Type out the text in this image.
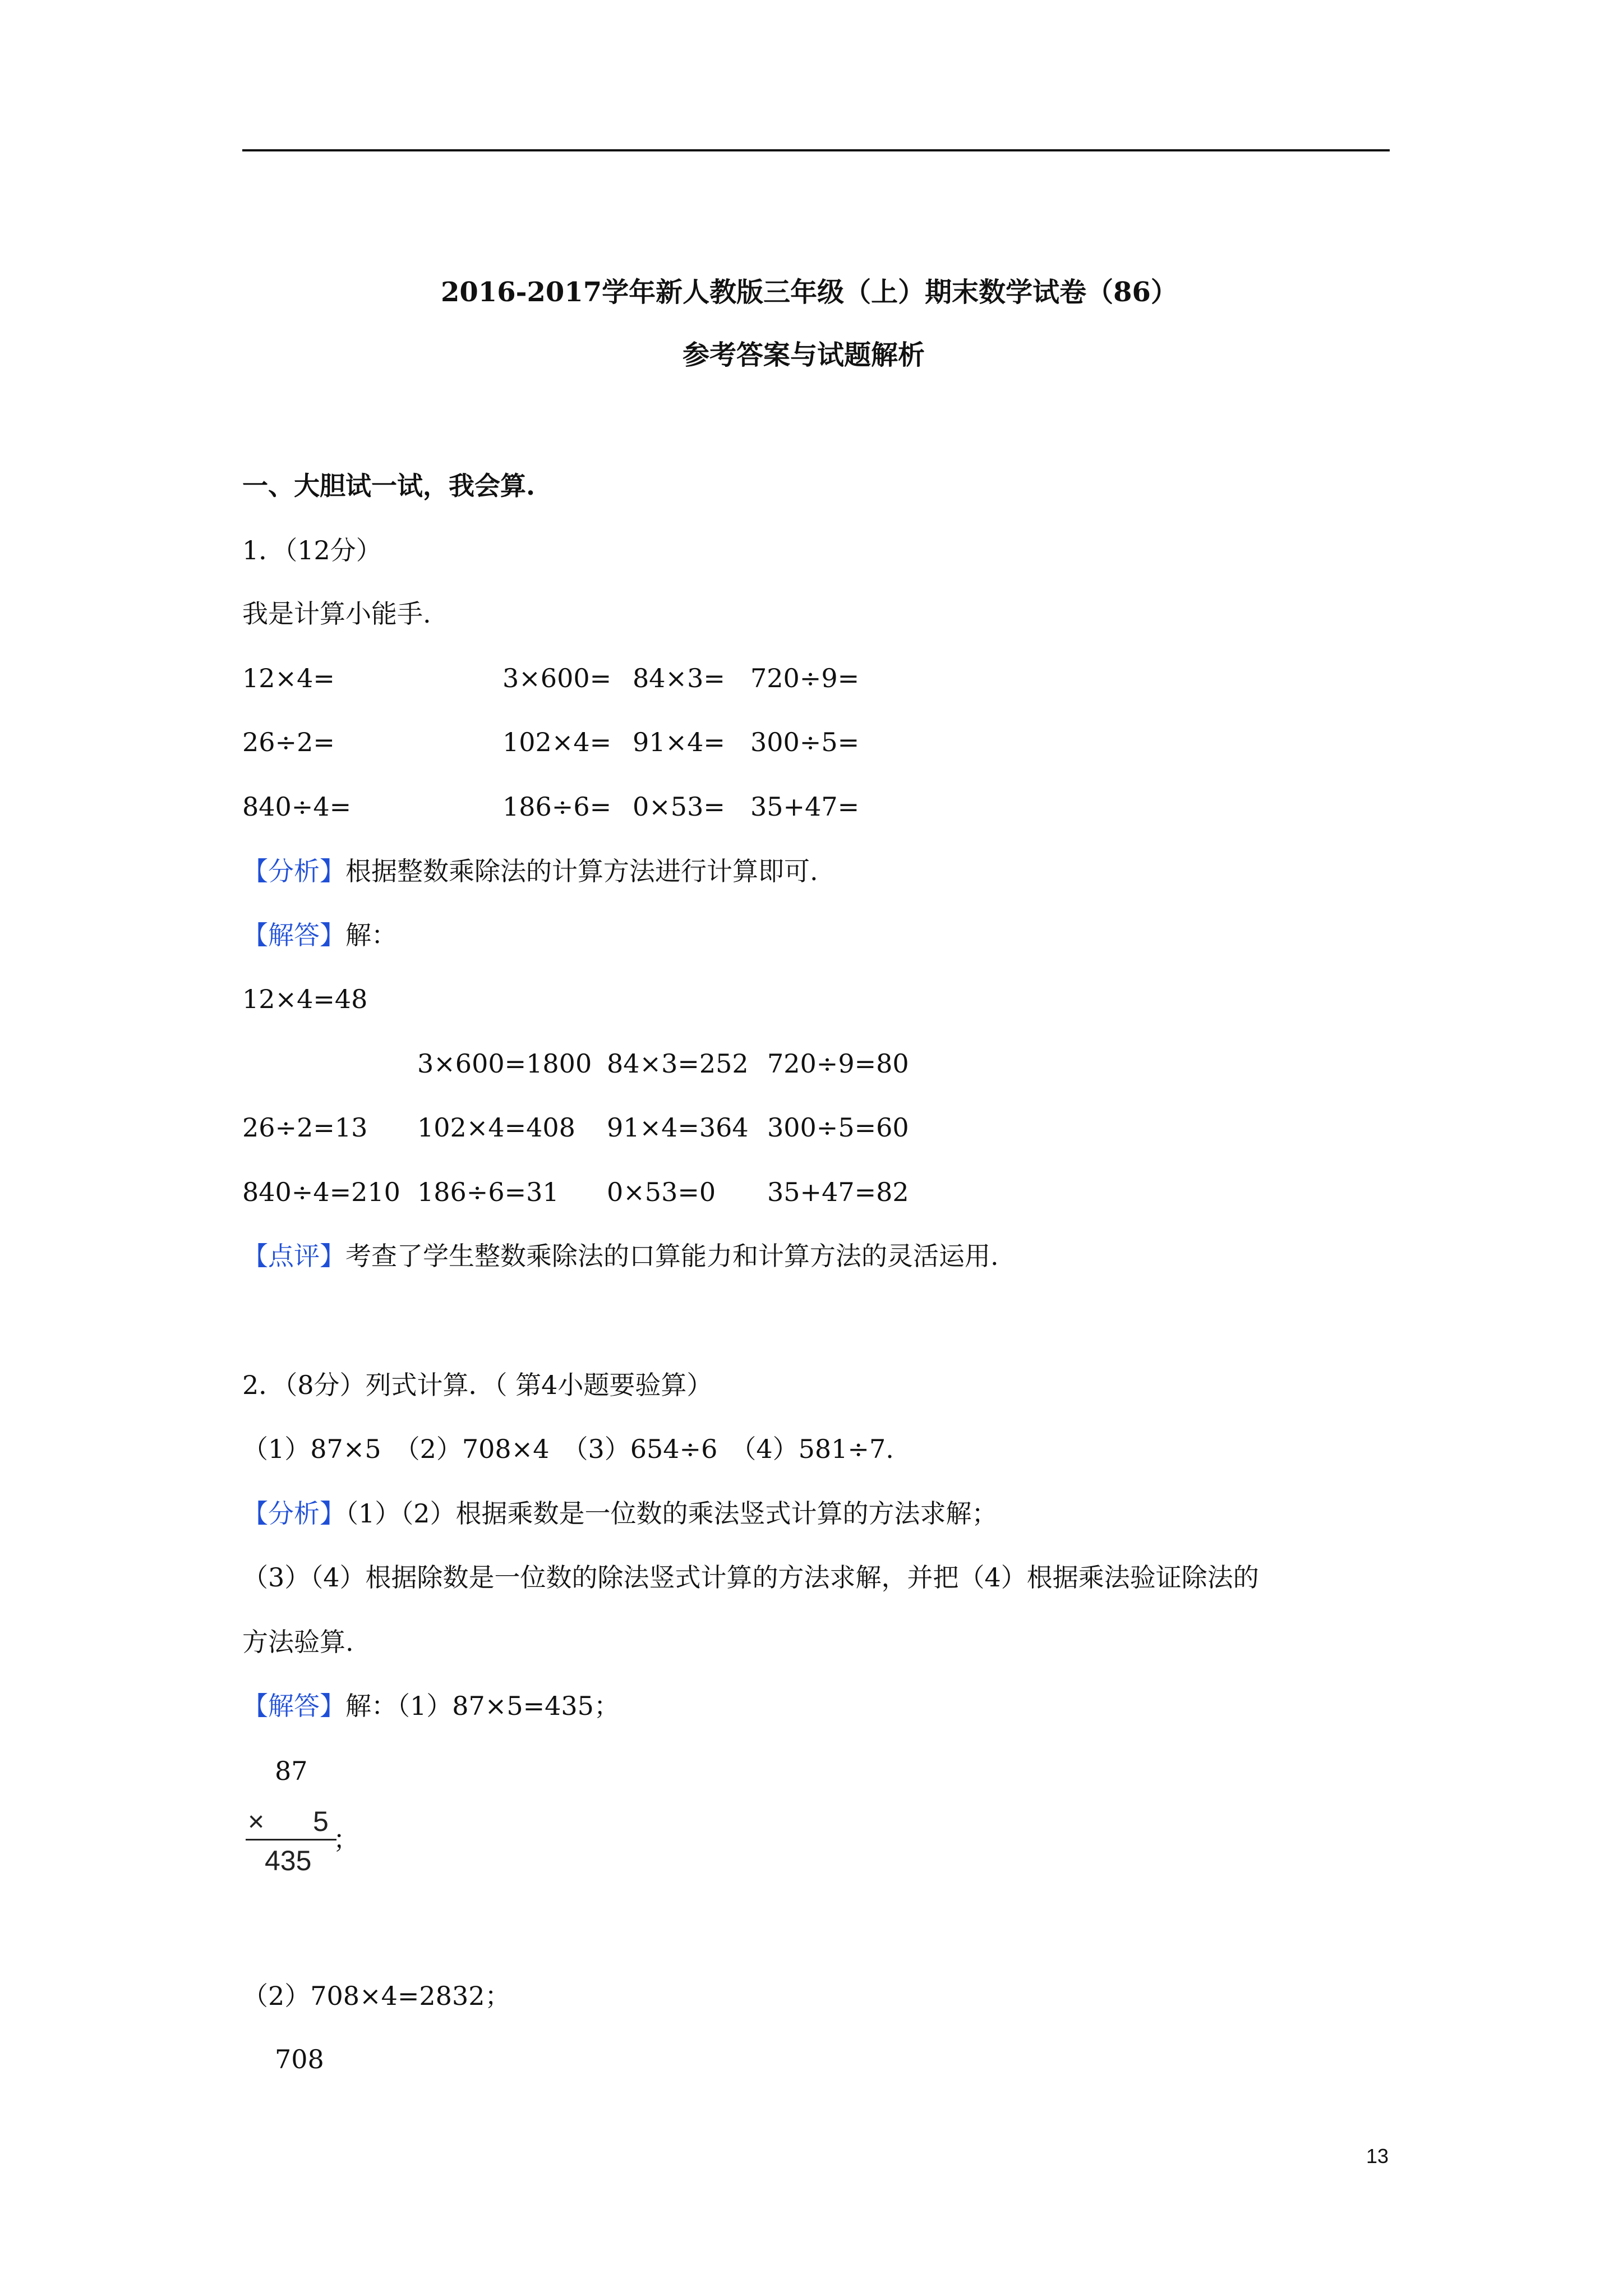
2016-2017学年新人教版三年级（上）期末数学试卷（86）
参考答案与试题解析
一、大胆试一试，我会算.
1．（12分）
我是计算小能手.
12×4=	3×600= 84×3= 720÷9=
26÷2=	102×4= 91×4= 300÷5=
840÷4=	186÷6= 0×53= 35+47=
【分析】根据整数乘除法的计算方法进行计算即可.
【解答】解：
12×4=48
3×600=1800 84×3=252 720÷9=80
26÷2=13 102×4=408 91×4=364 300÷5=60
840÷4=210 186÷6=31 0×53=0 35+47=82
【点评】考查了学生整数乘除法的口算能力和计算方法的灵活运用.
2．（8分）列式计算．（ 第4小题要验算）
（1）87×5　（2）708×4　（3）654÷6　（4）581÷7.
【分析】（1）（2）根据乘数是一位数的乘法竖式计算的方法求解；
（3）（4）根据除数是一位数的除法竖式计算的方法求解，并把（4）根据乘法验证除法的
方法验算.
【解答】解：（1）87×5=435；
87
× 5
435
；
（2）708×4=2832；
708
13
